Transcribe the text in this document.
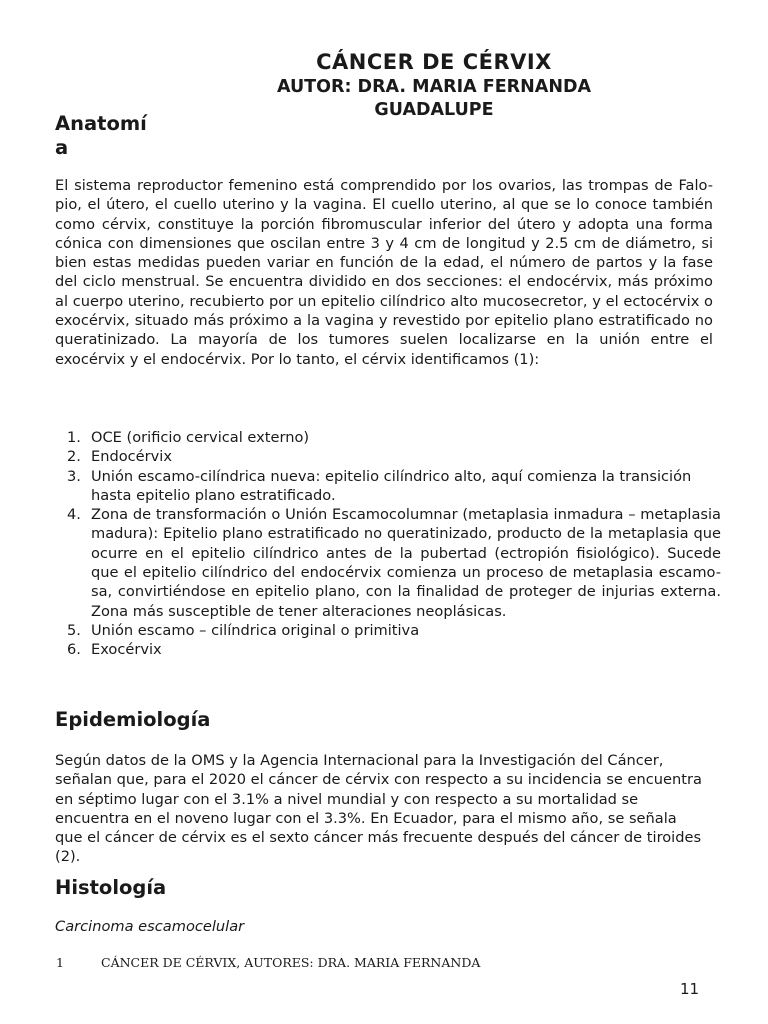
CÁNCER DE CÉRVIX
AUTOR: DRA. MARIA FERNANDA
GUADALUPE
Anatomía

El sistema reproductor femenino está comprendido por los ovarios, las trompas de Falo- pio, el útero, el cuello uterino y la vagina. El cuello uterino, al que se lo conoce también como cérvix, constituye la porción fibromuscular inferior del útero y adopta una forma cónica con dimensiones que oscilan entre 3 y 4 cm de longitud y 2.5 cm de diámetro, si bien estas medidas pueden variar en función de la edad, el número de partos y la fase del ciclo menstrual. Se encuentra dividido en dos secciones: el endocérvix, más próximo al cuerpo uterino, recubierto por un epitelio cilíndrico alto mucosecretor, y el ectocérvix o exocérvix, situado más próximo a la vagina y revestido por epitelio plano estratificado no queratinizado. La mayoría de los tumores suelen localizarse en la unión entre el exocérvix y el endocérvix. Por lo tanto, el cérvix identificamos (1):

1. OCE (orificio cervical externo)
2. Endocérvix
3. Unión escamo-cilíndrica nueva: epitelio cilíndrico alto, aquí comienza la transición
hasta epitelio plano estratificado.
4. Zona de transformación o Unión Escamocolumnar (metaplasia inmadura – metaplasia madura): Epitelio plano estratificado no queratinizado, producto de la metaplasia que ocurre en el epitelio cilíndrico antes de la pubertad (ectropión fisiológico). Sucede que el epitelio cilíndrico del endocérvix comienza un proceso de metaplasia escamo- sa, convirtiéndose en epitelio plano, con la finalidad de proteger de injurias externa. Zona más susceptible de tener alteraciones neoplásicas.
5. Unión escamo – cilíndrica original o primitiva
6. Exocérvix
Epidemiología

Según datos de la OMS y la Agencia Internacional para la Investigación del Cáncer, señalan que, para el 2020 el cáncer de cérvix con respecto a su incidencia se encuentra en séptimo lugar con el 3.1% a nivel mundial y con respecto a su mortalidad se encuentra en el noveno lugar con el 3.3%. En Ecuador, para el mismo año, se señala que el cáncer de cérvix es el sexto cáncer más frecuente después del cáncer de tiroides (2).

Histología

Carcinoma escamocelular

1	CÁNCER DE CÉRVIX, AUTORES: DRA. MARIA FERNANDA
11
